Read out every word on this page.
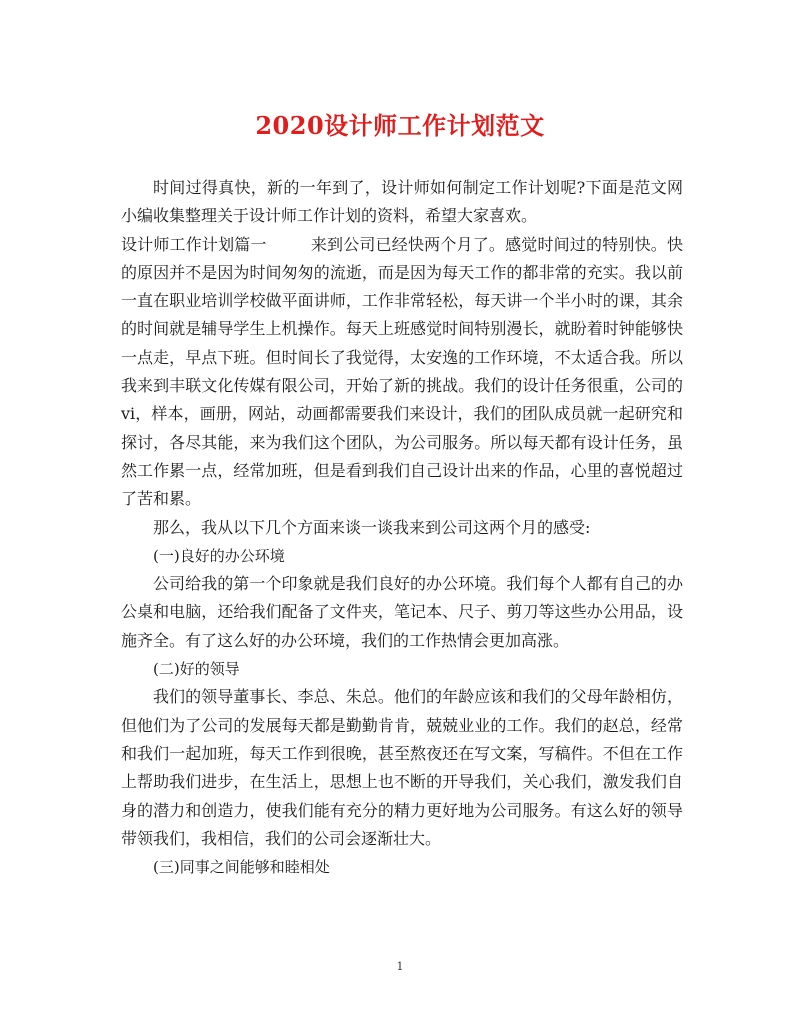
2020设计师工作计划范文

时间过得真快，新的一年到了，设计师如何制定工作计划呢?下面是范文网小编收集整理关于设计师工作计划的资料，希望大家喜欢。

设计师工作计划篇一	来到公司已经快两个月了。感觉时间过的特别快。快的原因并不是因为时间匆匆的流逝，而是因为每天工作的都非常的充实。我以前一直在职业培训学校做平面讲师，工作非常轻松，每天讲一个半小时的课，其余的时间就是辅导学生上机操作。每天上班感觉时间特别漫长，就盼着时钟能够快一点走，早点下班。但时间长了我觉得，太安逸的工作环境，不太适合我。所以我来到丰联文化传媒有限公司，开始了新的挑战。我们的设计任务很重，公司的vi，样本，画册，网站，动画都需要我们来设计，我们的团队成员就一起研究和探讨，各尽其能，来为我们这个团队，为公司服务。所以每天都有设计任务，虽然工作累一点，经常加班，但是看到我们自己设计出来的作品，心里的喜悦超过了苦和累。

那么，我从以下几个方面来谈一谈我来到公司这两个月的感受:

(一)良好的办公环境

公司给我的第一个印象就是我们良好的办公环境。我们每个人都有自己的办公桌和电脑，还给我们配备了文件夹，笔记本、尺子、剪刀等这些办公用品，设施齐全。有了这么好的办公环境，我们的工作热情会更加高涨。

(二)好的领导

我们的领导董事长、李总、朱总。他们的年龄应该和我们的父母年龄相仿，但他们为了公司的发展每天都是勤勤肯肯，兢兢业业的工作。我们的赵总，经常和我们一起加班，每天工作到很晚，甚至熬夜还在写文案，写稿件。不但在工作上帮助我们进步，在生活上，思想上也不断的开导我们，关心我们，激发我们自身的潜力和创造力，使我们能有充分的精力更好地为公司服务。有这么好的领导带领我们，我相信，我们的公司会逐渐壮大。

(三)同事之间能够和睦相处

1
